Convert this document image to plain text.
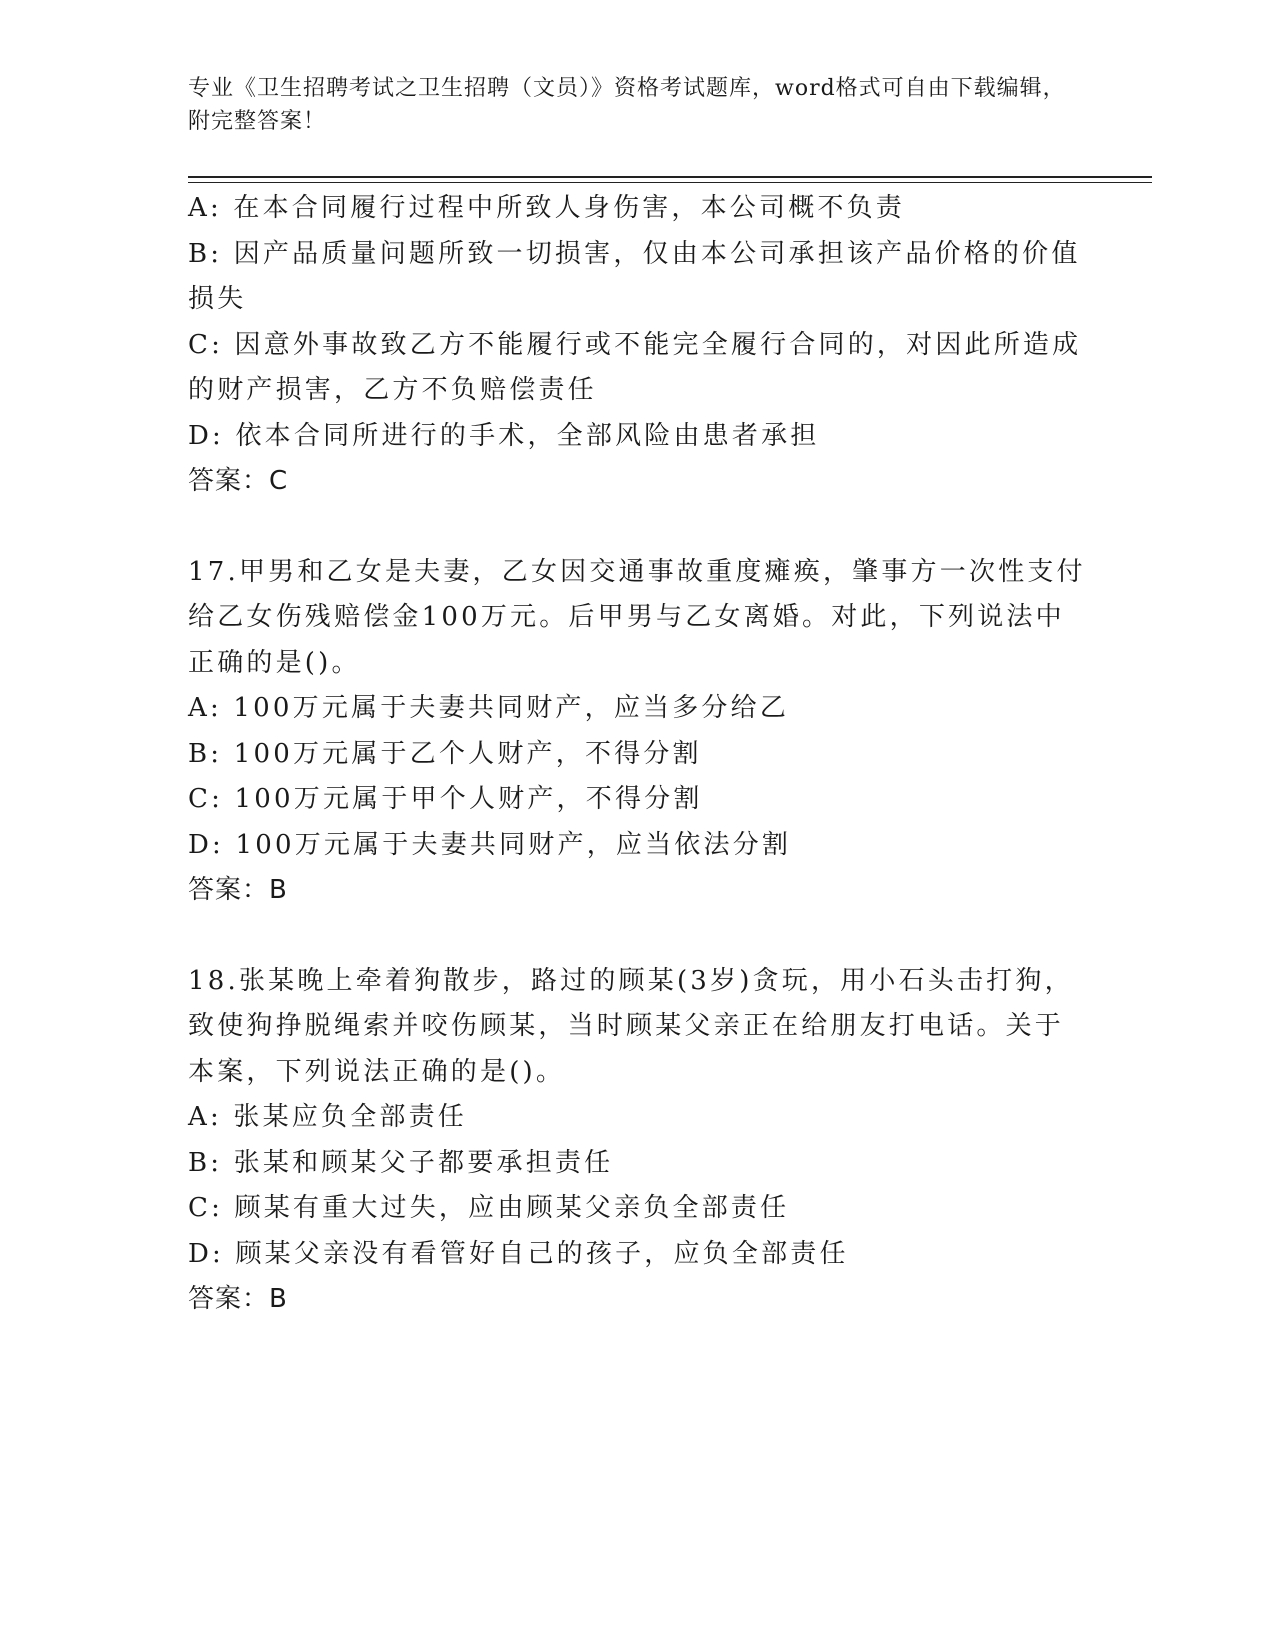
专业《卫生招聘考试之卫生招聘（文员）》资格考试题库，word格式可自由下载编辑，附完整答案！

A: 在本合同履行过程中所致人身伤害，本公司概不负责

B: 因产品质量问题所致一切损害，仅由本公司承担该产品价格的价值

损失

C: 因意外事故致乙方不能履行或不能完全履行合同的，对因此所造成

的财产损害，乙方不负赔偿责任

D: 依本合同所进行的手术，全部风险由患者承担

答案：C

17.甲男和乙女是夫妻，乙女因交通事故重度瘫痪，肇事方一次性支付

给乙女伤残赔偿金100万元。后甲男与乙女离婚。对此，下列说法中

正确的是()。

A: 100万元属于夫妻共同财产，应当多分给乙

B: 100万元属于乙个人财产，不得分割

C: 100万元属于甲个人财产，不得分割

D: 100万元属于夫妻共同财产，应当依法分割

答案：B

18.张某晚上牵着狗散步，路过的顾某(3岁)贪玩，用小石头击打狗，

致使狗挣脱绳索并咬伤顾某，当时顾某父亲正在给朋友打电话。关于

本案，下列说法正确的是()。

A: 张某应负全部责任

B: 张某和顾某父子都要承担责任

C: 顾某有重大过失，应由顾某父亲负全部责任

D: 顾某父亲没有看管好自己的孩子，应负全部责任

答案：B
